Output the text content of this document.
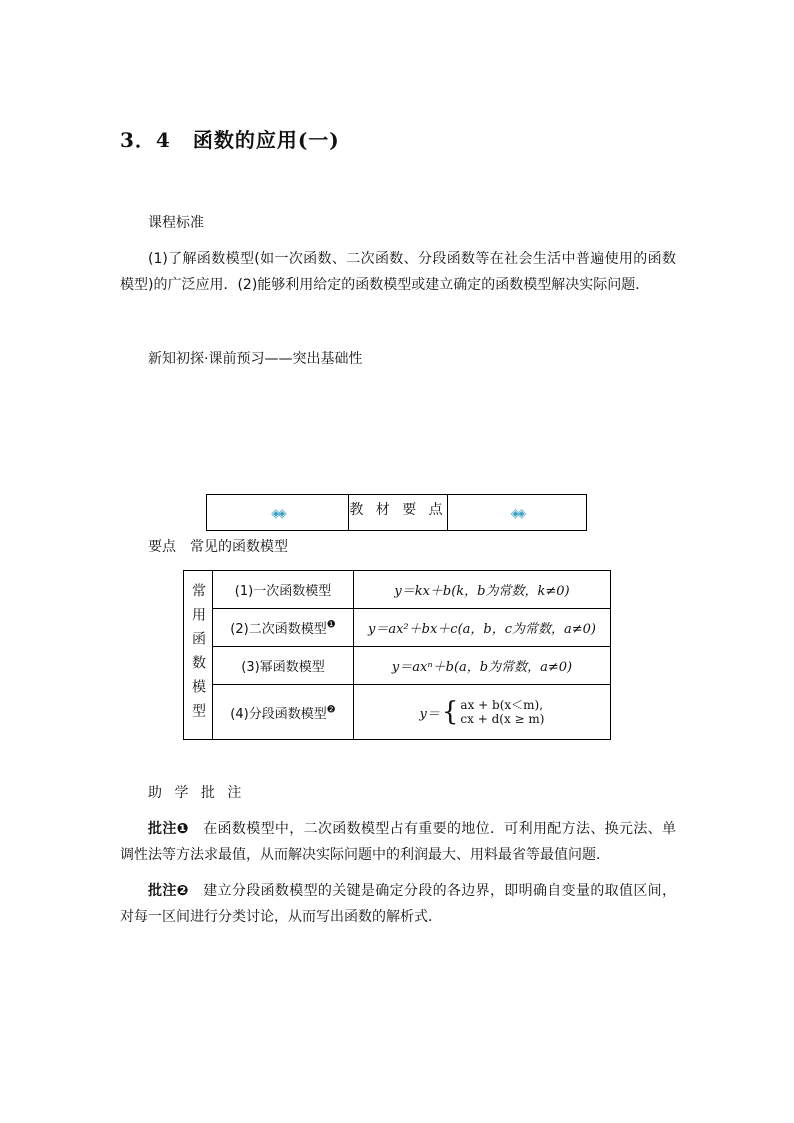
3．4 函数的应用(一)
课程标准
(1)了解函数模型(如一次函数、二次函数、分段函数等在社会生活中普遍使用的函数模型)的广泛应用．(2)能够利用给定的函数模型或建立确定的函数模型解决实际问题．
新知初探·课前预习——突出基础性
◈◈	教 材 要 点	◈◈
要点　常见的函数模型
常用函数模型	(1)一次函数模型	y＝kx＋b(k，b为常数，k≠0)
	(2)二次函数模型$^❶$	y＝ax²＋bx＋c(a，b，c为常数，a≠0)
	(3)幂函数模型	y＝axⁿ＋b(a，b为常数，a≠0)
	(4)分段函数模型$^❷$	y＝ { ax + b(x＜m),
cx + d(x ≥ m)
助 学 批 注
批注❶　 在函数模型中，二次函数模型占有重要的地位．可利用配方法、换元法、单调性法等方法求最值，从而解决实际问题中的利润最大、用料最省等最值问题．
批注❷　 建立分段函数模型的关键是确定分段的各边界，即明确自变量的取值区间，对每一区间进行分类讨论，从而写出函数的解析式．
